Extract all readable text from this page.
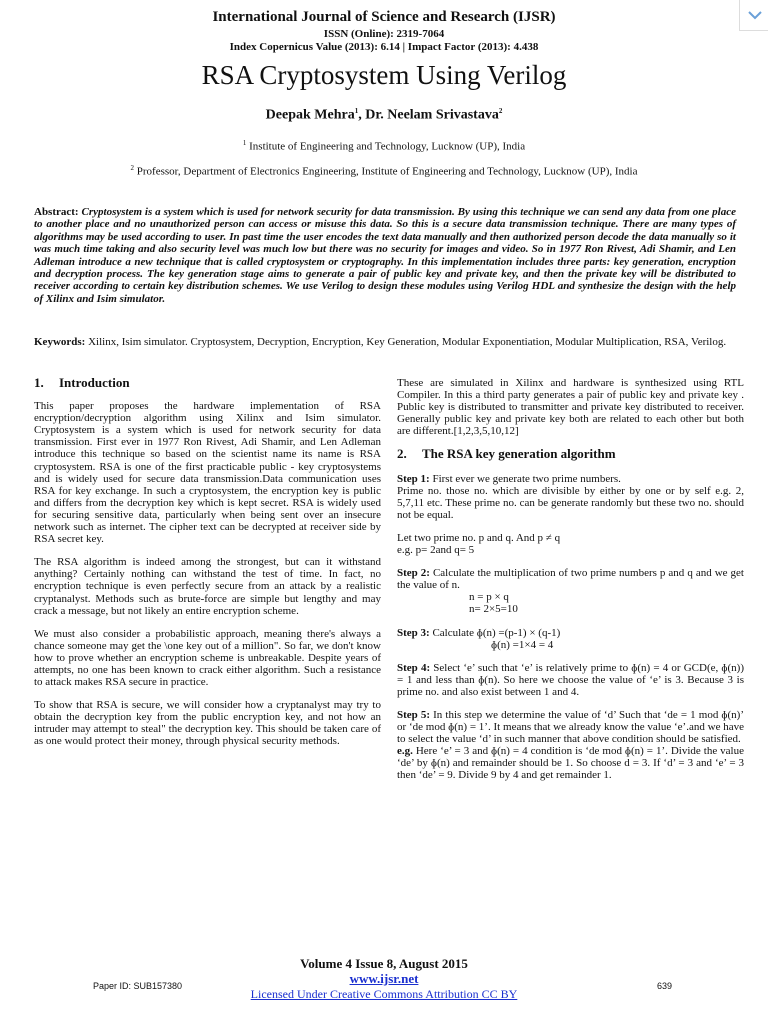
International Journal of Science and Research (IJSR)
ISSN (Online): 2319-7064
Index Copernicus Value (2013): 6.14 | Impact Factor (2013): 4.438
RSA Cryptosystem Using Verilog
Deepak Mehra$^1$, Dr. Neelam Srivastava$^2$
$^1$ Institute of Engineering and Technology, Lucknow (UP), India
$^2$ Professor, Department of Electronics Engineering, Institute of Engineering and Technology, Lucknow (UP), India
Abstract: Cryptosystem is a system which is used for network security for data transmission. By using this technique we can send any data from one place to another place and no unauthorized person can access or misuse this data. So this is a secure data transmission technique. There are many types of algorithms may be used according to user. In past time the user encodes the text data manually and then authorized person decode the data manually so it was much time taking and also security level was much low but there was no security for images and video. So in 1977 Ron Rivest, Adi Shamir, and Len Adleman introduce a new technique that is called cryptosystem or cryptography. In this implementation includes three parts: key generation, encryption and decryption process. The key generation stage aims to generate a pair of public key and private key, and then the private key will be distributed to receiver according to certain key distribution schemes. We use Verilog to design these modules using Verilog HDL and synthesize the design with the help of Xilinx and Isim simulator.
Keywords: Xilinx, Isim simulator. Cryptosystem, Decryption, Encryption, Key Generation, Modular Exponentiation, Modular Multiplication, RSA, Verilog.
1. Introduction

This paper proposes the hardware implementation of RSA encryption/decryption algorithm using Xilinx and Isim simulator. Cryptosystem is a system which is used for network security for data transmission. First ever in 1977 Ron Rivest, Adi Shamir, and Len Adleman introduce this technique so based on the scientist name its name is RSA cryptosystem. RSA is one of the first practicable public - key cryptosystems and is widely used for secure data transmission.Data communication uses RSA for key exchange. In such a cryptosystem, the encryption key is public and differs from the decryption key which is kept secret. RSA is widely used for securing sensitive data, particularly when being sent over an insecure network such as internet. The cipher text can be decrypted at receiver side by RSA secret key.

The RSA algorithm is indeed among the strongest, but can it withstand anything? Certainly nothing can withstand the test of time. In fact, no encryption technique is even perfectly secure from an attack by a realistic cryptanalyst. Methods such as brute-force are simple but lengthy and may crack a message, but not likely an entire encryption scheme.

We must also consider a probabilistic approach, meaning there's always a chance someone may get the \one key out of a million". So far, we don't know how to prove whether an encryption scheme is unbreakable. Despite years of attempts, no one has been known to crack either algorithm. Such a resistance to attack makes RSA secure in practice.

To show that RSA is secure, we will consider how a cryptanalyst may try to obtain the decryption key from the public encryption key, and not how an intruder may attempt to steal" the decryption key. This should be taken care of as one would protect their money, through physical security methods.

These are simulated in Xilinx and hardware is synthesized using RTL Compiler. In this a third party generates a pair of public key and private key . Public key is distributed to transmitter and private key distributed to receiver. Generally public key and private key both are related to each other but both are different.[1,2,3,5,10,12]

2. The RSA key generation algorithm

Step 1: First ever we generate two prime numbers.
Prime no. those no. which are divisible by either by one or by self e.g. 2, 5,7,11 etc. These prime no. can be generate randomly but these two no. should not be equal.

Let two prime no. p and q. And p ≠ q
e.g. p= 2and q= 5

Step 2: Calculate the multiplication of two prime numbers p and q and we get the value of n.

n = p × q

n= 2×5=10

Step 3: Calculate ɸ(n) =(p-1) × (q-1)

ɸ(n) =1×4 = 4

Step 4: Select ‘e’ such that ‘e’ is relatively prime to ɸ(n) = 4 or GCD(e, ɸ(n)) = 1 and less than ɸ(n). So here we choose the value of ‘e’ is 3. Because 3 is prime no. and also exist between 1 and 4.

Step 5: In this step we determine the value of ‘d’ Such that ‘de = 1 mod ɸ(n)’ or ‘de mod ɸ(n) = 1’. It means that we already know the value ‘e’.and we have to select the value ‘d’ in such manner that above condition should be satisfied.

e.g. Here ‘e’ = 3 and ɸ(n) = 4 condition is ‘de mod ɸ(n) = 1’. Divide the value ‘de’ by ɸ(n) and remainder should be 1. So choose d = 3. If ‘d’ = 3 and ‘e’ = 3 then ‘de’ = 9. Divide 9 by 4 and get remainder 1.

Volume 4 Issue 8, August 2015
www.ijsr.net
Licensed Under Creative Commons Attribution CC BY
Paper ID: SUB157380	639
